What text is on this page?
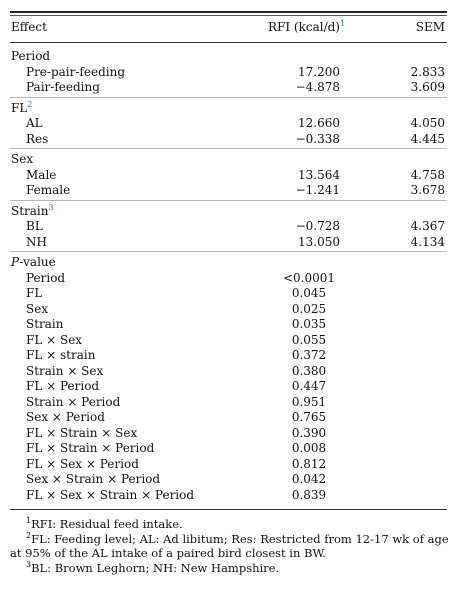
Effect	RFI (kcal/d)$^1$	SEM
Period
Pre-pair-feeding	17.200	2.833
Pair-feeding	−4.878	3.609
$FL^2$
AL	12.660	4.050
Res	−0.338	4.445
Sex
Male	13.564	4.758
Female	−1.241	3.678
Strain$^3$
BL	−0.728	4.367
NH	13.050	4.134
P-value
Period	<0.0001
FL	0.045
Sex	0.025
Strain	0.035
FL × Sex	0.055
FL × strain	0.372
Strain × Sex	0.380
FL × Period	0.447
Strain × Period	0.951
Sex × Period	0.765
FL × Strain × Sex	0.390
FL × Strain × Period	0.008
FL × Sex × Period	0.812
Sex × Strain × Period	0.042
FL × Sex × Strain × Period	0.839
$^1$RFI: Residual feed intake.
$^2$FL: Feeding level; AL: Ad libitum; Res: Restricted from 12-17 wk of age at 95% of the AL intake of a paired bird closest in BW.
$^3$BL: Brown Leghorn; NH: New Hampshire.
